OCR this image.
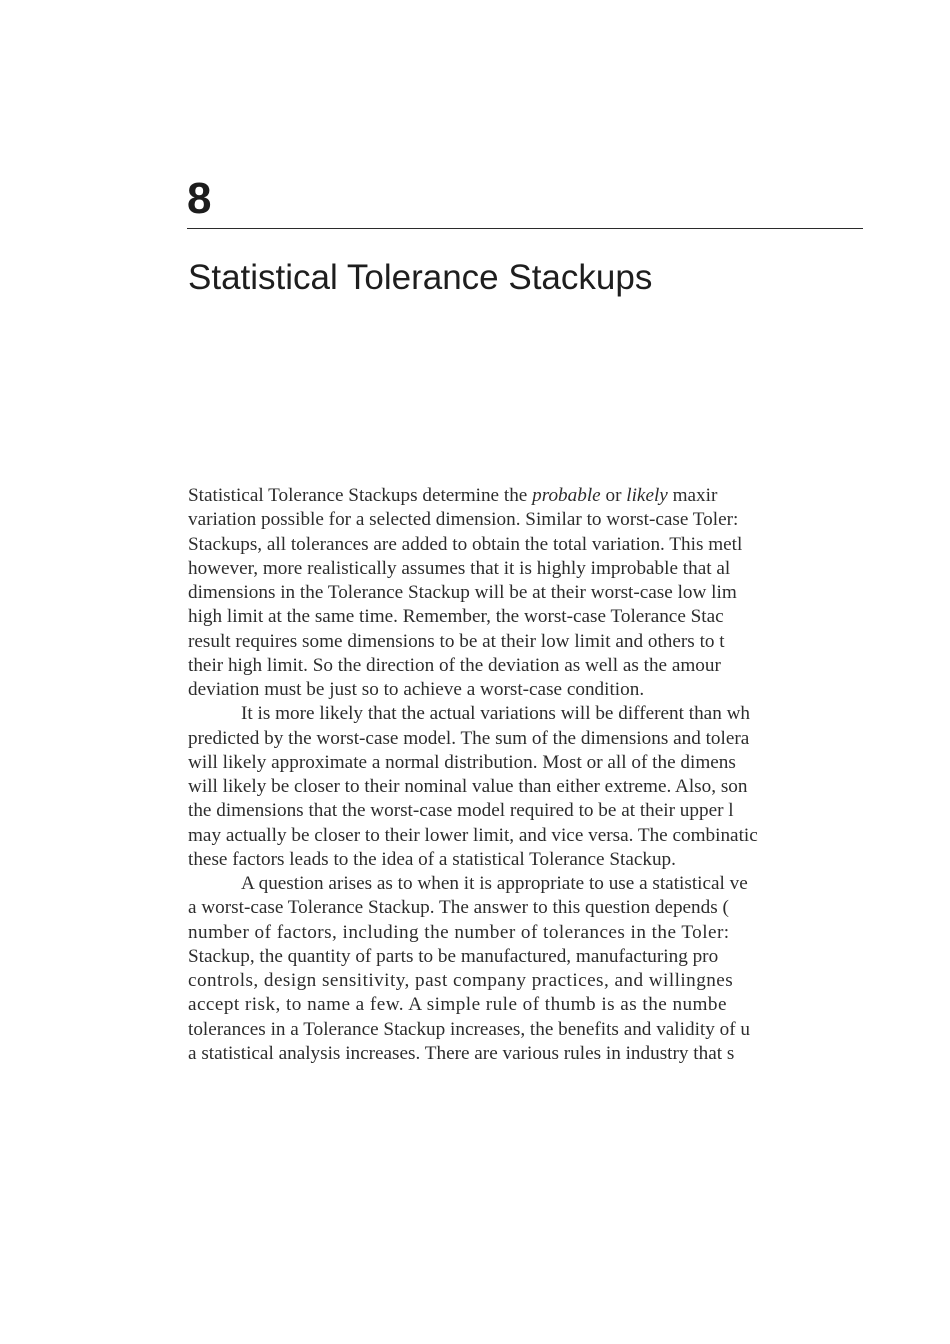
8
Statistical Tolerance Stackups
Statistical Tolerance Stackups determine the probable or likely maxir
variation possible for a selected dimension. Similar to worst-case Toler:
Stackups, all tolerances are added to obtain the total variation. This metl
however, more realistically assumes that it is highly improbable that al
dimensions in the Tolerance Stackup will be at their worst-case low lim
high limit at the same time. Remember, the worst-case Tolerance Stac
result requires some dimensions to be at their low limit and others to t
their high limit. So the direction of the deviation as well as the amour
deviation must be just so to achieve a worst-case condition.
It is more likely that the actual variations will be different than wh
predicted by the worst-case model. The sum of the dimensions and tolera
will likely approximate a normal distribution. Most or all of the dimens
will likely be closer to their nominal value than either extreme. Also, son
the dimensions that the worst-case model required to be at their upper l
may actually be closer to their lower limit, and vice versa. The combinatic
these factors leads to the idea of a statistical Tolerance Stackup.
A question arises as to when it is appropriate to use a statistical ve
a worst-case Tolerance Stackup. The answer to this question depends (
number of factors, including the number of tolerances in the Toler:
Stackup, the quantity of parts to be manufactured, manufacturing pro
controls, design sensitivity, past company practices, and willingnes
accept risk, to name a few. A simple rule of thumb is as the numbe
tolerances in a Tolerance Stackup increases, the benefits and validity of u
a statistical analysis increases. There are various rules in industry that s
